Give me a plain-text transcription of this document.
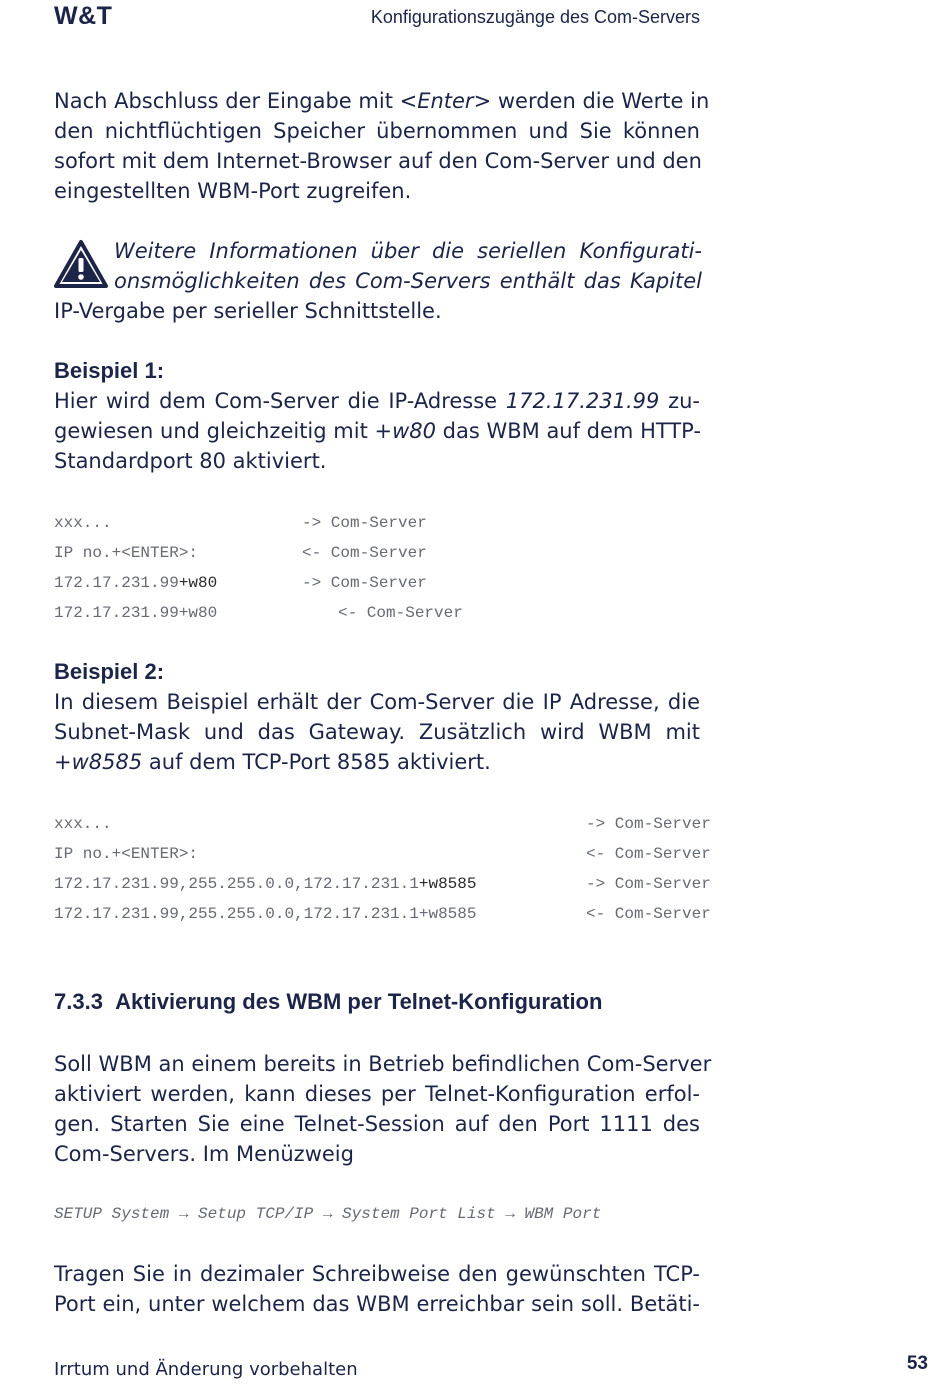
W&T	Konfigurationszugänge des Com-Servers
Nach Abschluss der Eingabe mit <Enter> werden die Werte in
den nichtflüchtigen Speicher übernommen und Sie können
sofort mit dem Internet-Browser auf den Com-Server und den
eingestellten WBM-Port zugreifen.
Weitere Informationen über die seriellen Konfigurati-
onsmöglichkeiten des Com-Servers enthält das Kapitel
IP-Vergabe per serieller Schnittstelle.
Beispiel 1:
Hier wird dem Com-Server die IP-Adresse 172.17.231.99 zu-
gewiesen und gleichzeitig mit +w80 das WBM auf dem HTTP-
Standardport 80 aktiviert.
xxx...	-> Com-Server
IP no.+<ENTER>:	<- Com-Server
172.17.231.99+w80	-> Com-Server
172.17.231.99+w80	<- Com-Server
Beispiel 2:
In diesem Beispiel erhält der Com-Server die IP Adresse, die
Subnet-Mask und das Gateway. Zusätzlich wird WBM mit
+w8585 auf dem TCP-Port 8585 aktiviert.
xxx...	-> Com-Server
IP no.+<ENTER>:	<- Com-Server
172.17.231.99,255.255.0.0,172.17.231.1+w8585	-> Com-Server
172.17.231.99,255.255.0.0,172.17.231.1+w8585	<- Com-Server
7.3.3 Aktivierung des WBM per Telnet-Konfiguration
Soll WBM an einem bereits in Betrieb befindlichen Com-Server
aktiviert werden, kann dieses per Telnet-Konfiguration erfol-
gen. Starten Sie eine Telnet-Session auf den Port 1111 des
Com-Servers. Im Menüzweig
SETUP System → Setup TCP/IP → System Port List → WBM Port
Tragen Sie in dezimaler Schreibweise den gewünschten TCP-
Port ein, unter welchem das WBM erreichbar sein soll. Betäti-
Irrtum und Änderung vorbehalten	53
